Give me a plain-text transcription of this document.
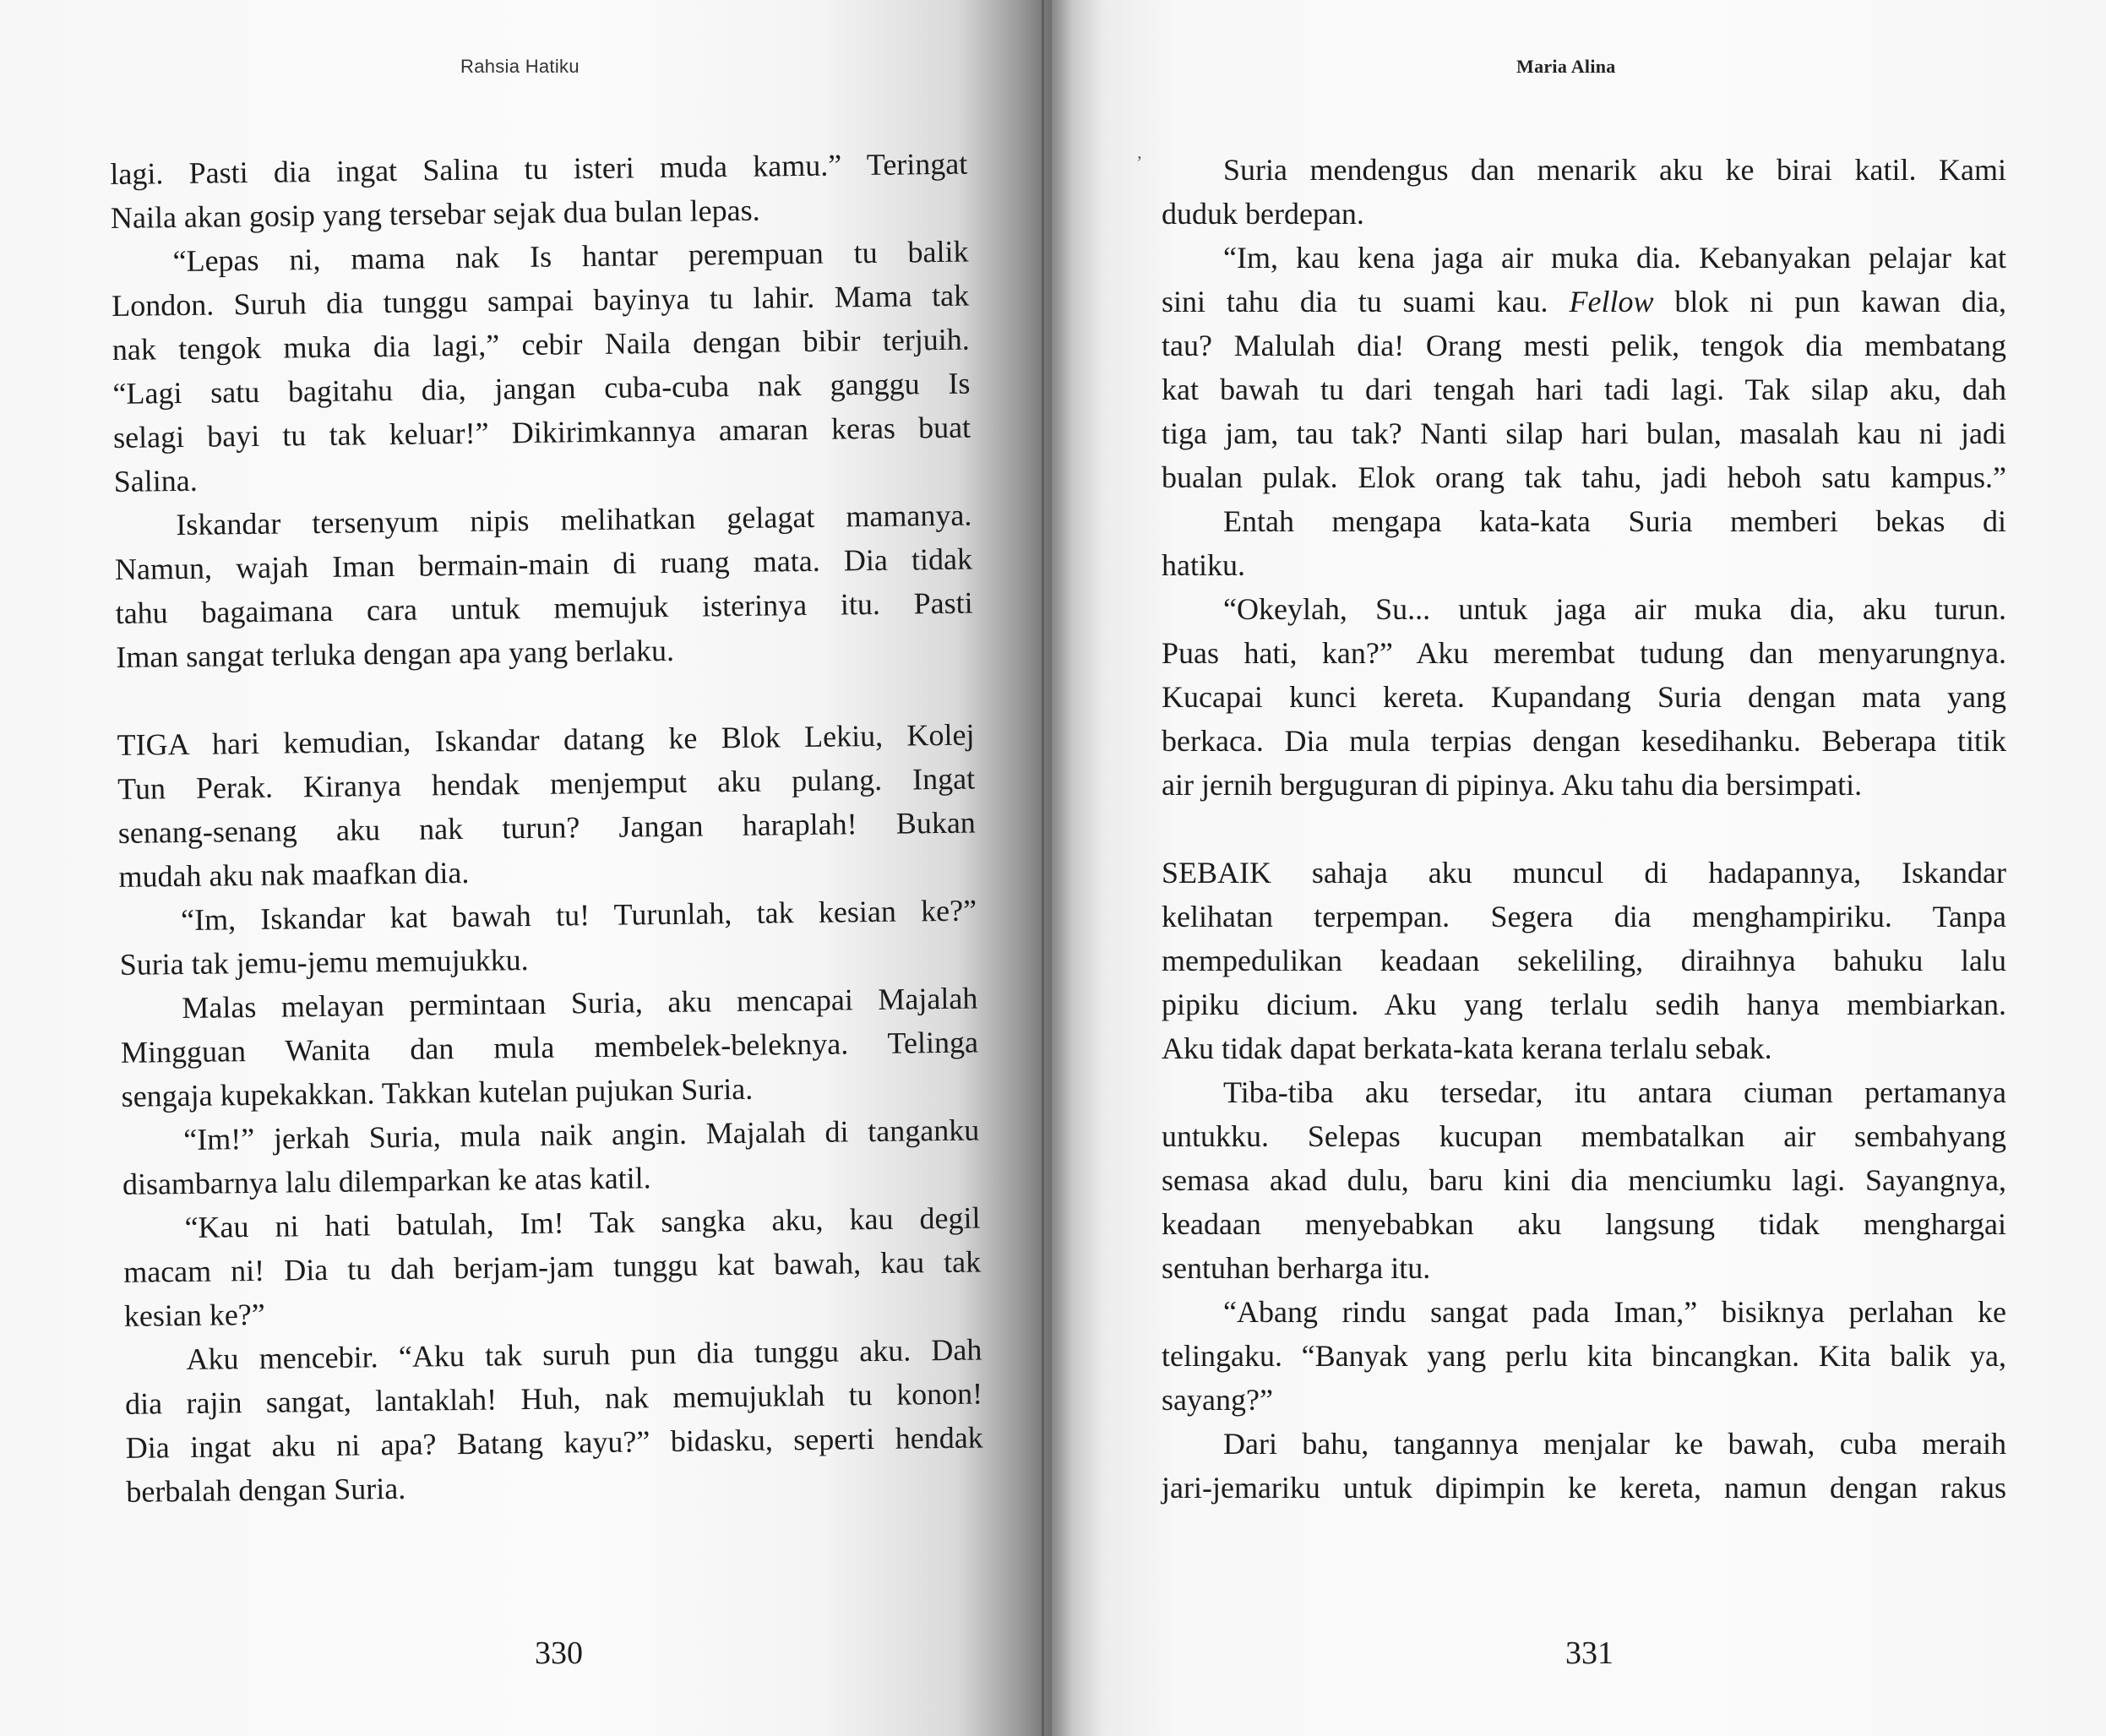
Rahsia Hatiku
lagi. Pasti dia ingat Salina tu isteri muda kamu.” Teringat
Naila akan gosip yang tersebar sejak dua bulan lepas.
“Lepas ni, mama nak Is hantar perempuan tu balik
London. Suruh dia tunggu sampai bayinya tu lahir. Mama tak
nak tengok muka dia lagi,” cebir Naila dengan bibir terjuih.
“Lagi satu bagitahu dia, jangan cuba-cuba nak ganggu Is
selagi bayi tu tak keluar!” Dikirimkannya amaran keras buat
Salina.
Iskandar tersenyum nipis melihatkan gelagat mamanya.
Namun, wajah Iman bermain-main di ruang mata. Dia tidak
tahu bagaimana cara untuk memujuk isterinya itu. Pasti
Iman sangat terluka dengan apa yang berlaku.
TIGA hari kemudian, Iskandar datang ke Blok Lekiu, Kolej
Tun Perak. Kiranya hendak menjemput aku pulang. Ingat
senang-senang aku nak turun? Jangan haraplah! Bukan
mudah aku nak maafkan dia.
“Im, Iskandar kat bawah tu! Turunlah, tak kesian ke?”
Suria tak jemu-jemu memujukku.
Malas melayan permintaan Suria, aku mencapai Majalah
Mingguan Wanita dan mula membelek-beleknya. Telinga
sengaja kupekakkan. Takkan kutelan pujukan Suria.
“Im!” jerkah Suria, mula naik angin. Majalah di tanganku
disambarnya lalu dilemparkan ke atas katil.
“Kau ni hati batulah, Im! Tak sangka aku, kau degil
macam ni! Dia tu dah berjam-jam tunggu kat bawah, kau tak
kesian ke?”
Aku mencebir. “Aku tak suruh pun dia tunggu aku. Dah
dia rajin sangat, lantaklah! Huh, nak memujuklah tu konon!
Dia ingat aku ni apa? Batang kayu?” bidasku, seperti hendak
berbalah dengan Suria.
330
ʼ
Maria Alina
Suria mendengus dan menarik aku ke birai katil. Kami
duduk berdepan.
“Im, kau kena jaga air muka dia. Kebanyakan pelajar kat
sini tahu dia tu suami kau. Fellow blok ni pun kawan dia,
tau? Malulah dia! Orang mesti pelik, tengok dia membatang
kat bawah tu dari tengah hari tadi lagi. Tak silap aku, dah
tiga jam, tau tak? Nanti silap hari bulan, masalah kau ni jadi
bualan pulak. Elok orang tak tahu, jadi heboh satu kampus.”
Entah mengapa kata-kata Suria memberi bekas di
hatiku.
“Okeylah, Su... untuk jaga air muka dia, aku turun.
Puas hati, kan?” Aku merembat tudung dan menyarungnya.
Kucapai kunci kereta. Kupandang Suria dengan mata yang
berkaca. Dia mula terpias dengan kesedihanku. Beberapa titik
air jernih berguguran di pipinya. Aku tahu dia bersimpati.
SEBAIK sahaja aku muncul di hadapannya, Iskandar
kelihatan terpempan. Segera dia menghampiriku. Tanpa
mempedulikan keadaan sekeliling, diraihnya bahuku lalu
pipiku dicium. Aku yang terlalu sedih hanya membiarkan.
Aku tidak dapat berkata-kata kerana terlalu sebak.
Tiba-tiba aku tersedar, itu antara ciuman pertamanya
untukku. Selepas kucupan membatalkan air sembahyang
semasa akad dulu, baru kini dia menciumku lagi. Sayangnya,
keadaan menyebabkan aku langsung tidak menghargai
sentuhan berharga itu.
“Abang rindu sangat pada Iman,” bisiknya perlahan ke
telingaku. “Banyak yang perlu kita bincangkan. Kita balik ya,
sayang?”
Dari bahu, tangannya menjalar ke bawah, cuba meraih
jari-jemariku untuk dipimpin ke kereta, namun dengan rakus
331
